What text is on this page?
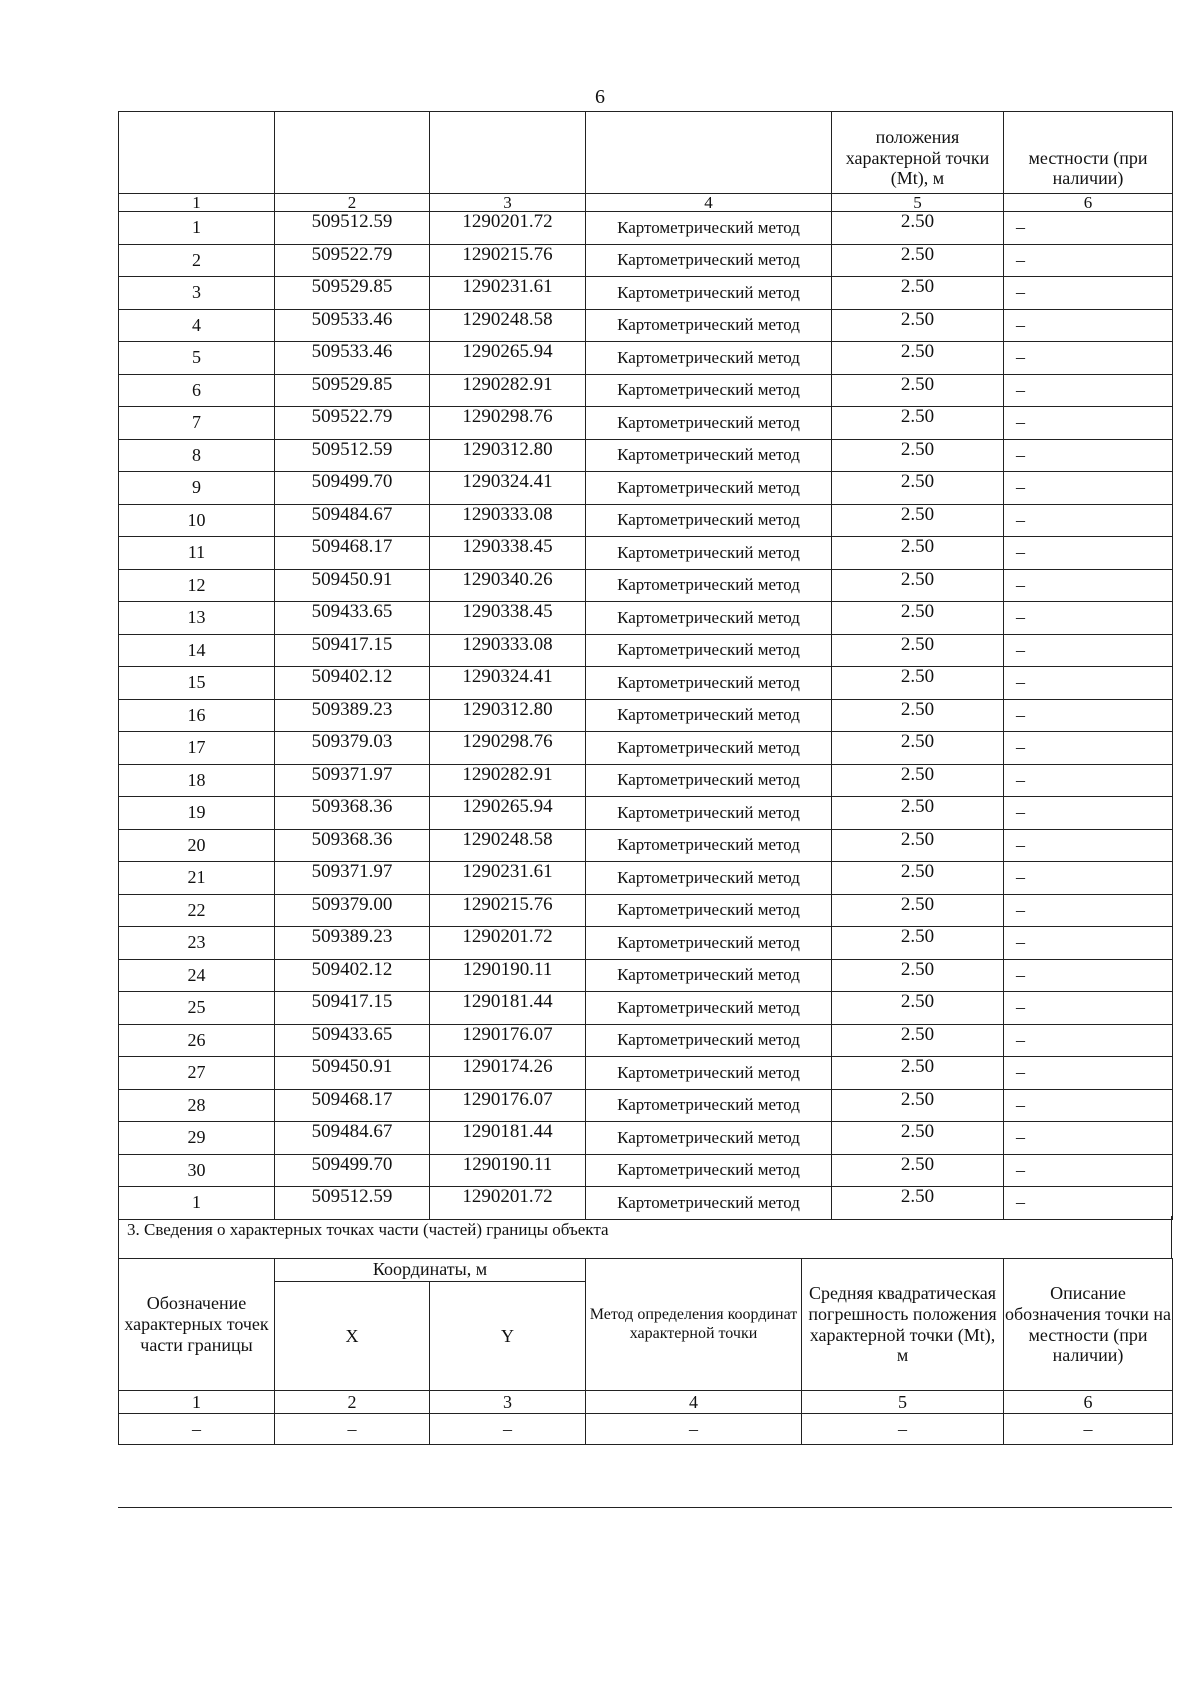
6
				положения характерной точки (Mt), м	местности (при наличии)
1	2	3	4	5	6
1	509512.59	1290201.72	Картометрический метод	2.50	–
2	509522.79	1290215.76	Картометрический метод	2.50	–
3	509529.85	1290231.61	Картометрический метод	2.50	–
4	509533.46	1290248.58	Картометрический метод	2.50	–
5	509533.46	1290265.94	Картометрический метод	2.50	–
6	509529.85	1290282.91	Картометрический метод	2.50	–
7	509522.79	1290298.76	Картометрический метод	2.50	–
8	509512.59	1290312.80	Картометрический метод	2.50	–
9	509499.70	1290324.41	Картометрический метод	2.50	–
10	509484.67	1290333.08	Картометрический метод	2.50	–
11	509468.17	1290338.45	Картометрический метод	2.50	–
12	509450.91	1290340.26	Картометрический метод	2.50	–
13	509433.65	1290338.45	Картометрический метод	2.50	–
14	509417.15	1290333.08	Картометрический метод	2.50	–
15	509402.12	1290324.41	Картометрический метод	2.50	–
16	509389.23	1290312.80	Картометрический метод	2.50	–
17	509379.03	1290298.76	Картометрический метод	2.50	–
18	509371.97	1290282.91	Картометрический метод	2.50	–
19	509368.36	1290265.94	Картометрический метод	2.50	–
20	509368.36	1290248.58	Картометрический метод	2.50	–
21	509371.97	1290231.61	Картометрический метод	2.50	–
22	509379.00	1290215.76	Картометрический метод	2.50	–
23	509389.23	1290201.72	Картометрический метод	2.50	–
24	509402.12	1290190.11	Картометрический метод	2.50	–
25	509417.15	1290181.44	Картометрический метод	2.50	–
26	509433.65	1290176.07	Картометрический метод	2.50	–
27	509450.91	1290174.26	Картометрический метод	2.50	–
28	509468.17	1290176.07	Картометрический метод	2.50	–
29	509484.67	1290181.44	Картометрический метод	2.50	–
30	509499.70	1290190.11	Картометрический метод	2.50	–
1	509512.59	1290201.72	Картометрический метод	2.50	–
3. Сведения о характерных точках части (частей) границы объекта
Обозначение характерных точек части границы	Координаты, м		Метод определения координат характерной точки	Средняя квадратическая погрешность положения характерной точки (Mt), м	Описание обозначения точки на местности (при наличии)
	X	Y			
1	2	3	4	5	6
–	–	–	–	–	–
